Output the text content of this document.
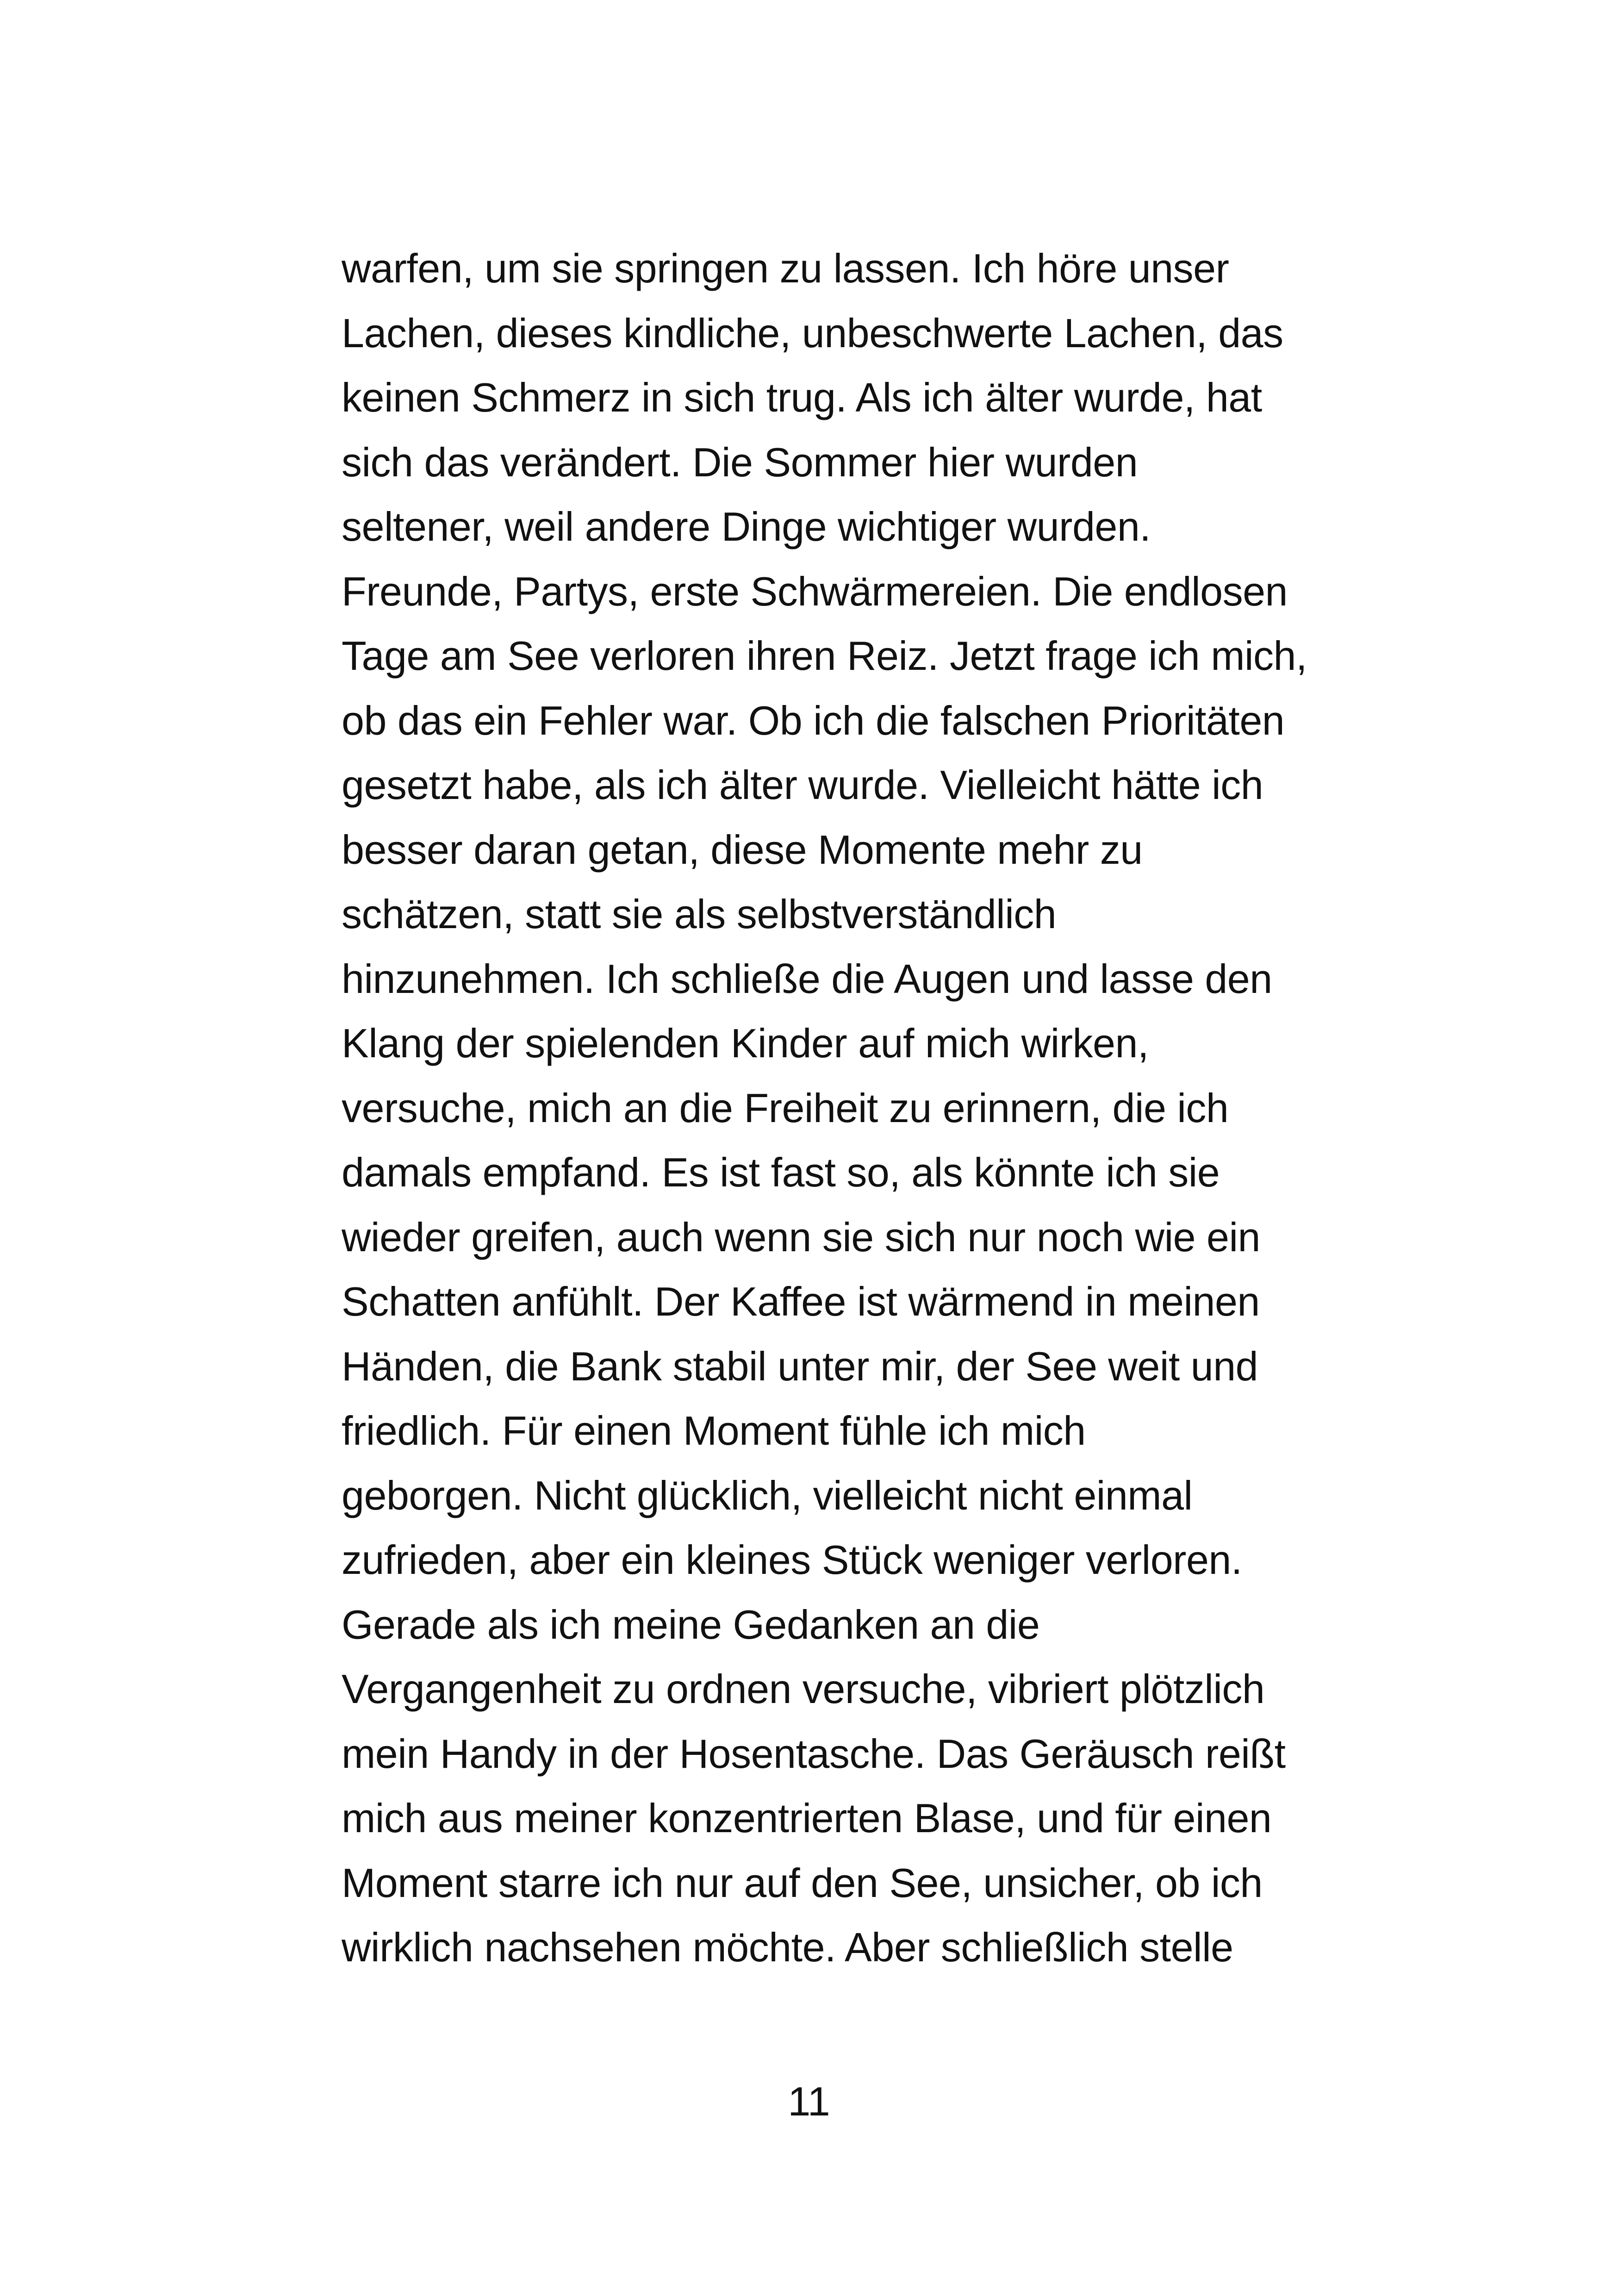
warfen, um sie springen zu lassen. Ich höre unser
Lachen, dieses kindliche, unbeschwerte Lachen, das
keinen Schmerz in sich trug. Als ich älter wurde, hat
sich das verändert. Die Sommer hier wurden
seltener, weil andere Dinge wichtiger wurden.
Freunde, Partys, erste Schwärmereien. Die endlosen
Tage am See verloren ihren Reiz. Jetzt frage ich mich,
ob das ein Fehler war. Ob ich die falschen Prioritäten
gesetzt habe, als ich älter wurde. Vielleicht hätte ich
besser daran getan, diese Momente mehr zu
schätzen, statt sie als selbstverständlich
hinzunehmen. Ich schließe die Augen und lasse den
Klang der spielenden Kinder auf mich wirken,
versuche, mich an die Freiheit zu erinnern, die ich
damals empfand. Es ist fast so, als könnte ich sie
wieder greifen, auch wenn sie sich nur noch wie ein
Schatten anfühlt. Der Kaffee ist wärmend in meinen
Händen, die Bank stabil unter mir, der See weit und
friedlich. Für einen Moment fühle ich mich
geborgen. Nicht glücklich, vielleicht nicht einmal
zufrieden, aber ein kleines Stück weniger verloren.
Gerade als ich meine Gedanken an die
Vergangenheit zu ordnen versuche, vibriert plötzlich
mein Handy in der Hosentasche. Das Geräusch reißt
mich aus meiner konzentrierten Blase, und für einen
Moment starre ich nur auf den See, unsicher, ob ich
wirklich nachsehen möchte. Aber schließlich stelle
11
